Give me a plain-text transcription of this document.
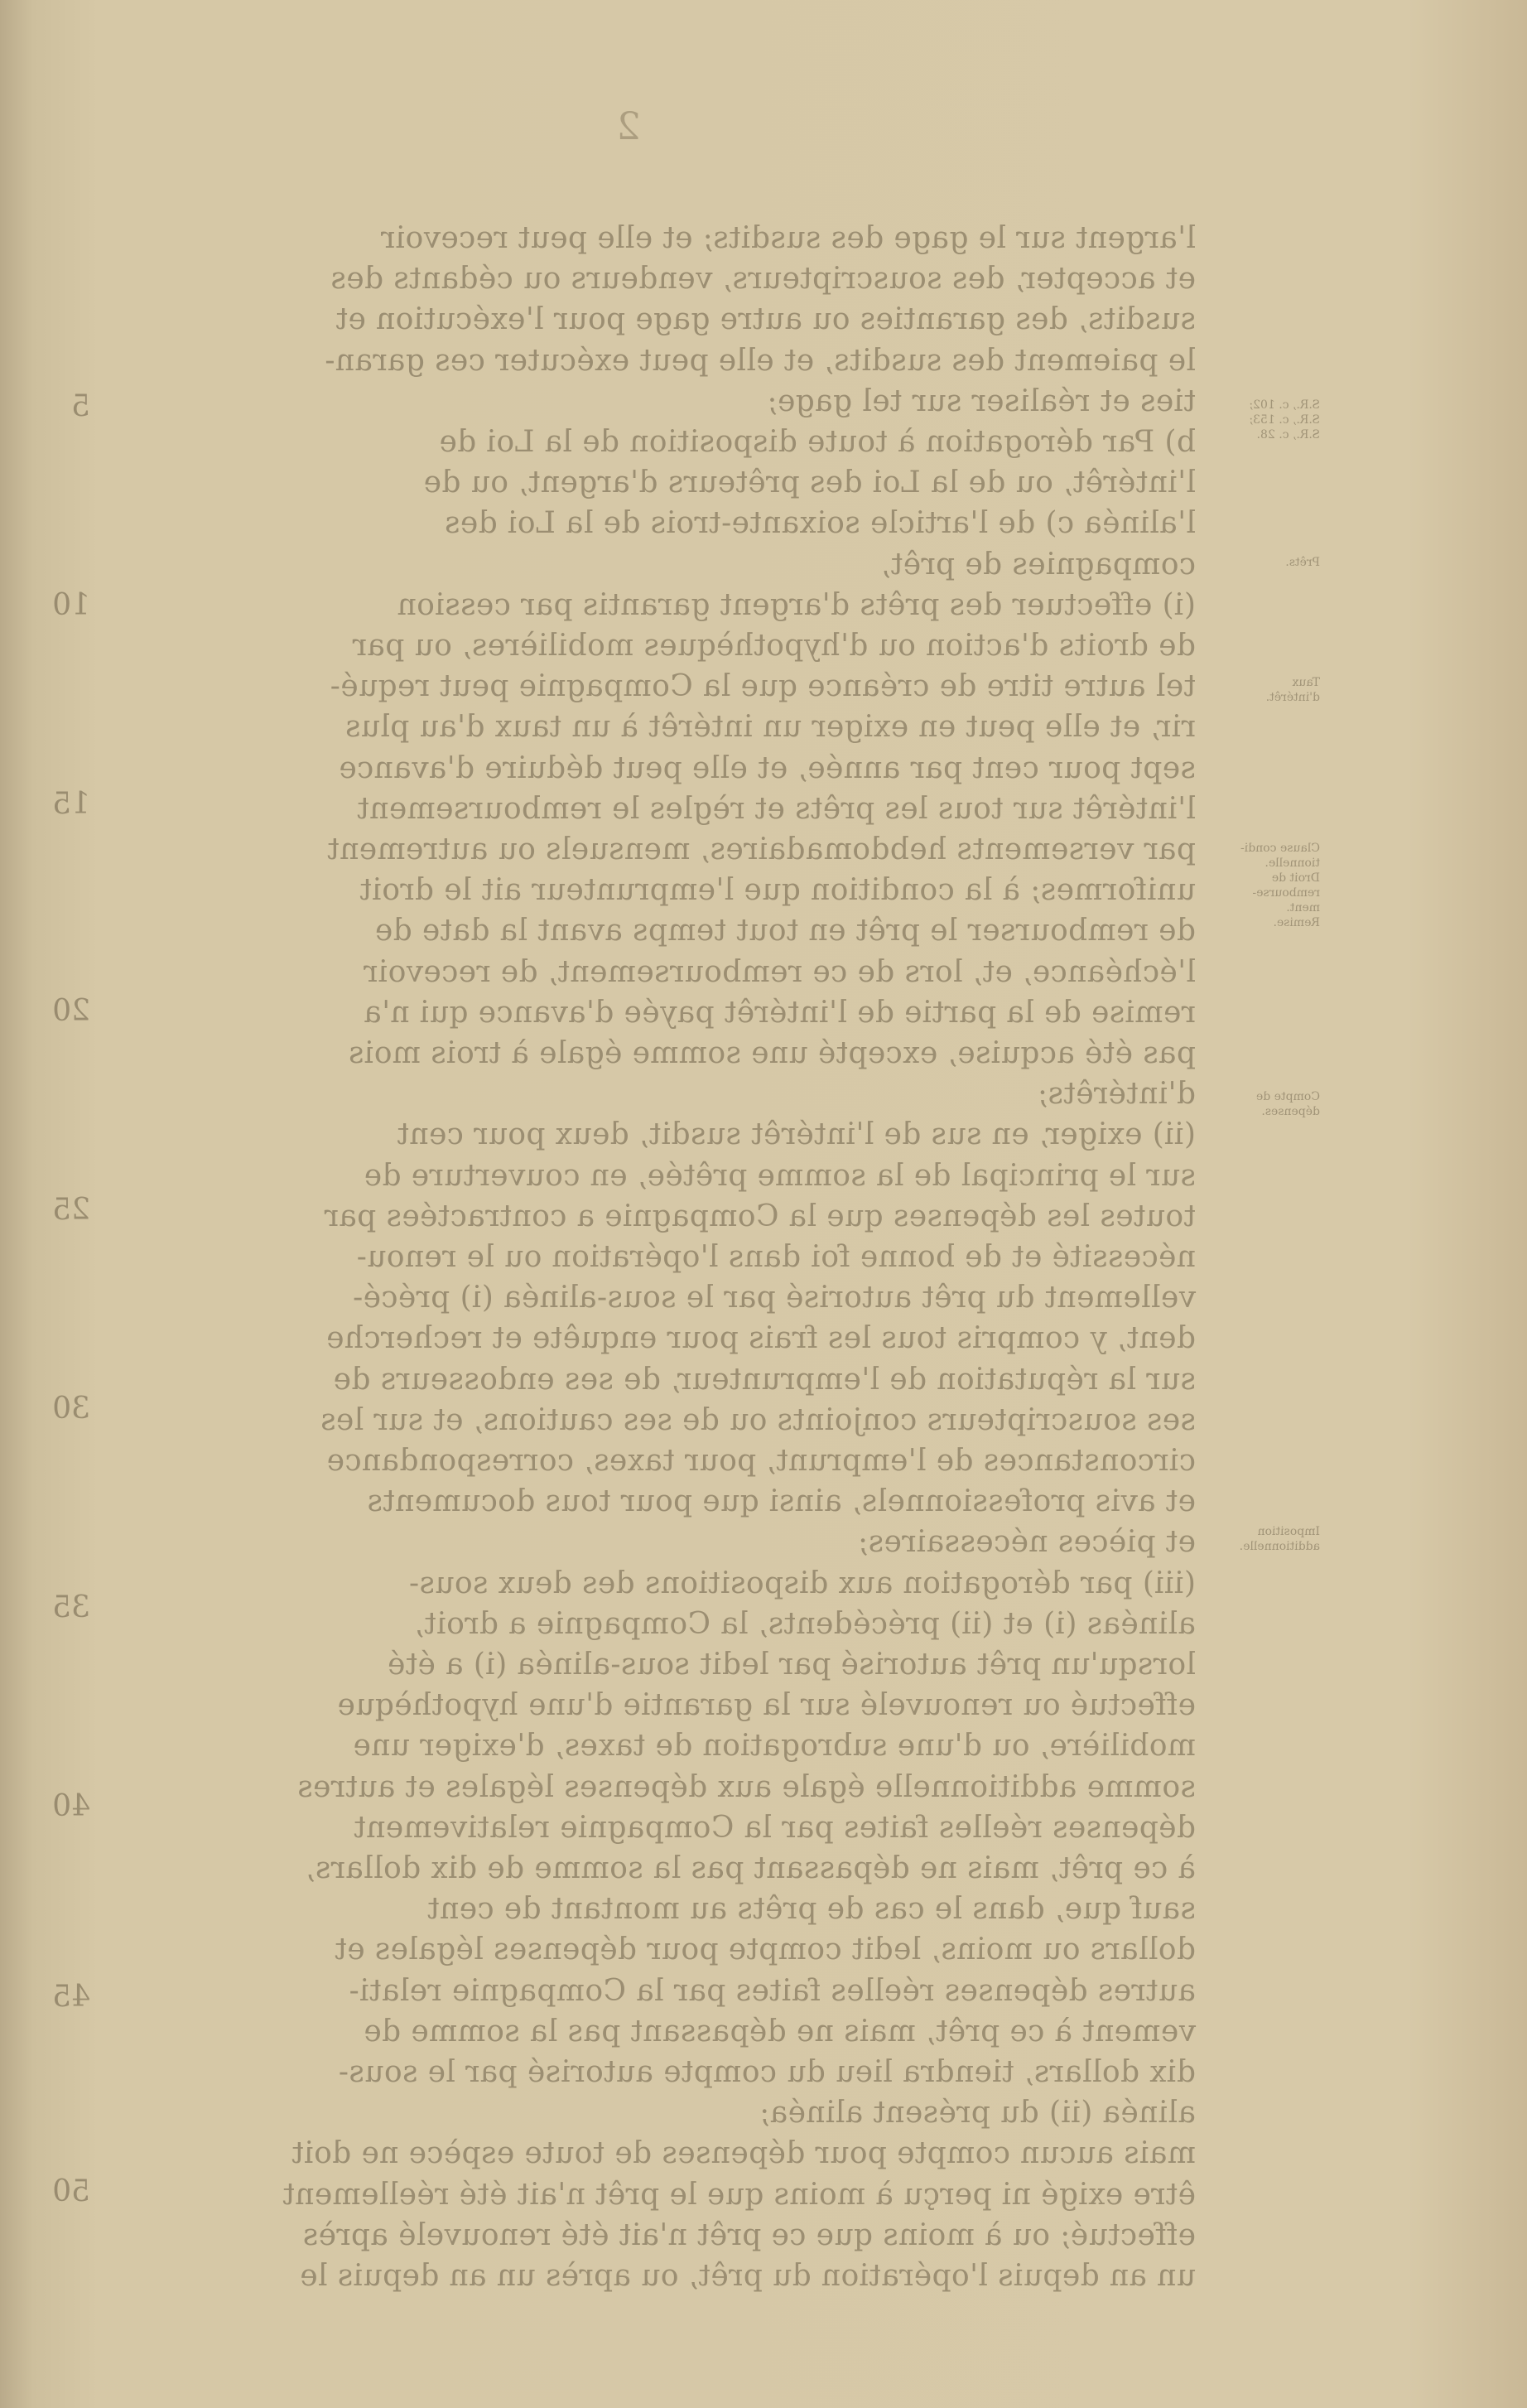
2
l'argent sur le gage des susdits; et elle peut recevoir
et accepter, des souscripteurs, vendeurs ou cédants des
susdits, des garanties ou autre gage pour l'exécution et
le paiement des susdits, et elle peut exécuter ces garan-
ties et réaliser sur tel gage;
b) Par dérogation à toute disposition de la Loi de
l'intérêt, ou de la Loi des prêteurs d'argent, ou de
l'alinéa c) de l'article soixante-trois de la Loi des
compagnies de prêt,
(i) effectuer des prêts d'argent garantis par cession
de droits d'action ou d'hypothèques mobilières, ou par
tel autre titre de créance que la Compagnie peut requé-
rir, et elle peut en exiger un intérêt à un taux d'au plus
sept pour cent par année, et elle peut déduire d'avance
l'intérêt sur tous les prêts et règles le remboursement
par versements hebdomadaires, mensuels ou autrement
uniformes; à la condition que l'emprunteur ait le droit
de rembourser le prêt en tout temps avant la date de
l'échéance, et, lors de ce remboursement, de recevoir
remise de la partie de l'intérêt payée d'avance qui n'a
pas été acquise, excepté une somme égale à trois mois
d'intérêts;
(ii) exiger, en sus de l'intérêt susdit, deux pour cent
sur le principal de la somme prêtée, en couverture de
toutes les dépenses que la Compagnie a contractées par
nécessité et de bonne foi dans l'opération ou le renou-
vellement du prêt autorisé par le sous-alinéa (i) précé-
dent, y compris tous les frais pour enquête et recherche
sur la réputation de l'emprunteur, de ses endosseurs de
ses souscripteurs conjoints ou de ses cautions, et sur les
circonstances de l'emprunt, pour taxes, correspondance
et avis professionnels, ainsi que pour tous documents
et pièces nécessaires;
(iii) par dérogation aux dispositions des deux sous-
alinéas (i) et (ii) précédents, la Compagnie a droit,
lorsqu'un prêt autorisé par ledit sous-alinéa (i) a été
effectué ou renouvelé sur la garantie d'une hypothèque
mobilière, ou d'une subrogation de taxes, d'exiger une
somme additionnelle égale aux dépenses légales et autres
dépenses réelles faites par la Compagnie relativement
à ce prêt, mais ne dépassant pas la somme de dix dollars,
sauf que, dans le cas de prêts au montant de cent
dollars ou moins, ledit compte pour dépenses légales et
autres dépenses réelles faites par la Compagnie relati-
vement à ce prêt, mais ne dépassant pas la somme de
dix dollars, tiendra lieu du compte autorisé par le sous-
alinéa (ii) du présent alinéa;
mais aucun compte pour dépenses de toute espèce ne doit
être exigé ni perçu à moins que le prêt n'ait été réellement
effectué; ou à moins que ce prêt n'ait été renouvelé après
un an depuis l'opération du prêt, ou après un an depuis le
5
10
15
20
25
30
35
40
45
50
S.R., c. 102;
S.R., c. 153;
S.R., c. 28.
Prêts.
Taux
d'intérêt.
Clause condi-
tionnelle.
Droit de
rembourse-
ment.
Remise.
Compte de
dépenses.
Imposition
additionnelle.
